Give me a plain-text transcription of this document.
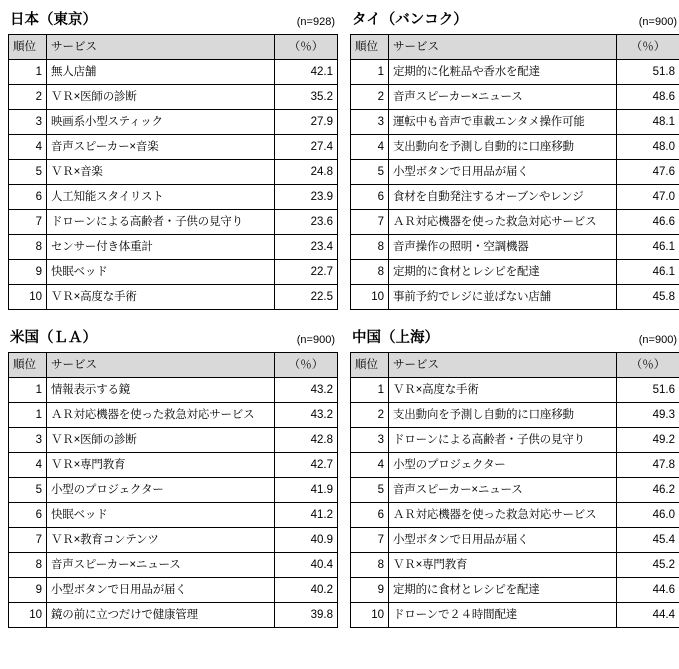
日本（東京）	(n=928)
順位	サービス	（％）
1	無人店舗	42.1
2	ＶＲ×医師の診断	35.2
3	映画系小型スティック	27.9
4	音声スピーカー×音楽	27.4
5	ＶＲ×音楽	24.8
6	人工知能スタイリスト	23.9
7	ドローンによる高齢者・子供の見守り	23.6
8	センサー付き体重計	23.4
9	快眠ベッド	22.7
10	ＶＲ×高度な手術	22.5
タイ（バンコク）	(n=900)
順位	サービス	（％）
1	定期的に化粧品や香水を配達	51.8
2	音声スピーカー×ニュース	48.6
3	運転中も音声で車載エンタメ操作可能	48.1
4	支出動向を予測し自動的に口座移動	48.0
5	小型ボタンで日用品が届く	47.6
6	食材を自動発注するオーブンやレンジ	47.0
7	ＡＲ対応機器を使った救急対応サービス	46.6
8	音声操作の照明・空調機器	46.1
8	定期的に食材とレシピを配達	46.1
10	事前予約でレジに並ばない店舗	45.8
米国（ＬＡ）	(n=900)
順位	サービス	（％）
1	情報表示する鏡	43.2
1	ＡＲ対応機器を使った救急対応サービス	43.2
3	ＶＲ×医師の診断	42.8
4	ＶＲ×専門教育	42.7
5	小型のプロジェクター	41.9
6	快眠ベッド	41.2
7	ＶＲ×教育コンテンツ	40.9
8	音声スピーカー×ニュース	40.4
9	小型ボタンで日用品が届く	40.2
10	鏡の前に立つだけで健康管理	39.8
中国（上海）	(n=900)
順位	サービス	（％）
1	ＶＲ×高度な手術	51.6
2	支出動向を予測し自動的に口座移動	49.3
3	ドローンによる高齢者・子供の見守り	49.2
4	小型のプロジェクター	47.8
5	音声スピーカー×ニュース	46.2
6	ＡＲ対応機器を使った救急対応サービス	46.0
7	小型ボタンで日用品が届く	45.4
8	ＶＲ×専門教育	45.2
9	定期的に食材とレシピを配達	44.6
10	ドローンで２４時間配達	44.4
